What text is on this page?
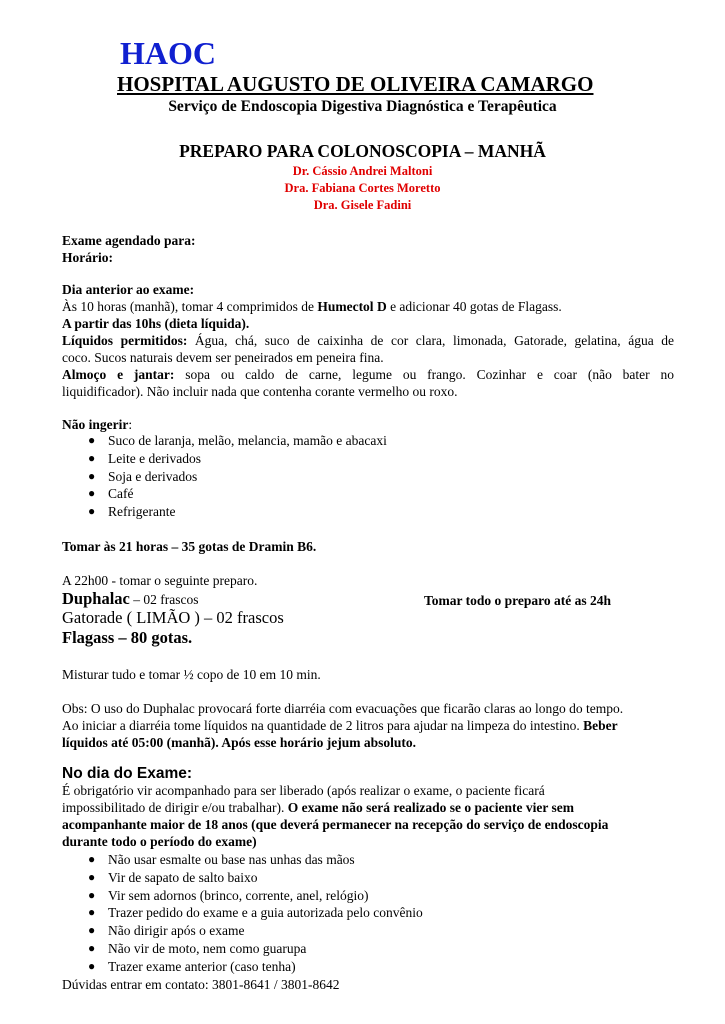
HAOC
HOSPITAL AUGUSTO DE OLIVEIRA CAMARGO
Serviço de Endoscopia Digestiva Diagnóstica e Terapêutica
PREPARO PARA COLONOSCOPIA – MANHÃ
Dr. Cássio Andrei Maltoni
Dra. Fabiana Cortes Moretto
Dra. Gisele Fadini
Exame agendado para:
Horário:
Dia anterior ao exame:
Às 10 horas (manhã), tomar 4 comprimidos de Humectol D e adicionar 40 gotas de Flagass.
A partir das 10hs (dieta líquida).
Líquidos permitidos: Água, chá, suco de caixinha de cor clara, limonada, Gatorade, gelatina, água de
coco. Sucos naturais devem ser peneirados em peneira fina.
Almoço e jantar: sopa ou caldo de carne, legume ou frango. Cozinhar e coar (não bater no
liquidificador). Não incluir nada que contenha corante vermelho ou roxo.
Não ingerir:
● Suco de laranja, melão, melancia, mamão e abacaxi
● Leite e derivados
● Soja e derivados
● Café
● Refrigerante
Tomar às 21 horas – 35 gotas de Dramin B6.
A 22h00 - tomar o seguinte preparo.
Duphalac – 02 frascos	Tomar todo o preparo até as 24h
Gatorade ( LIMÃO ) – 02 frascos
Flagass – 80 gotas.
Misturar tudo e tomar ½ copo de 10 em 10 min.
Obs: O uso do Duphalac provocará forte diarréia com evacuações que ficarão claras ao longo do tempo.
Ao iniciar a diarréia tome líquidos na quantidade de 2 litros para ajudar na limpeza do intestino. Beber
líquidos até 05:00 (manhã). Após esse horário jejum absoluto.
No dia do Exame:
É obrigatório vir acompanhado para ser liberado (após realizar o exame, o paciente ficará
impossibilitado de dirigir e/ou trabalhar). O exame não será realizado se o paciente vier sem
acompanhante maior de 18 anos (que deverá permanecer na recepção do serviço de endoscopia
durante todo o período do exame)
● Não usar esmalte ou base nas unhas das mãos
● Vir de sapato de salto baixo
● Vir sem adornos (brinco, corrente, anel, relógio)
● Trazer pedido do exame e a guia autorizada pelo convênio
● Não dirigir após o exame
● Não vir de moto, nem como guarupa
● Trazer exame anterior (caso tenha)
Dúvidas entrar em contato: 3801-8641 / 3801-8642
